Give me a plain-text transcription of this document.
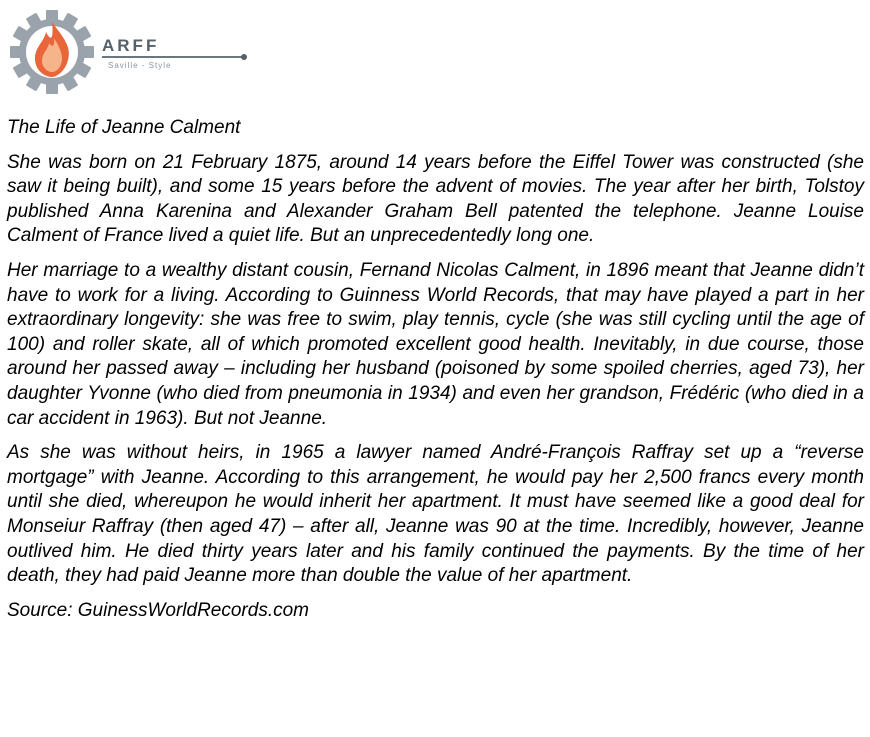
ARFF
Saville - Style

The Life of Jeanne Calment

She was born on 21 February 1875, around 14 years before the Eiffel Tower was constructed (she saw it being built), and some 15 years before the advent of movies. The year after her birth, Tolstoy published Anna Karenina and Alexander Graham Bell patented the telephone. Jeanne Louise Calment of France lived a quiet life. But an unprecedentedly long one.

Her marriage to a wealthy distant cousin, Fernand Nicolas Calment, in 1896 meant that Jeanne didn’t have to work for a living. According to Guinness World Records, that may have played a part in her extraordinary longevity: she was free to swim, play tennis, cycle (she was still cycling until the age of 100) and roller skate, all of which promoted excellent good health. Inevitably, in due course, those around her passed away – including her husband (poisoned by some spoiled cherries, aged 73), her daughter Yvonne (who died from pneumonia in 1934) and even her grandson, Frédéric (who died in a car accident in 1963). But not Jeanne.

As she was without heirs, in 1965 a lawyer named André-François Raffray set up a “reverse mortgage” with Jeanne. According to this arrangement, he would pay her 2,500 francs every month until she died, whereupon he would inherit her apartment. It must have seemed like a good deal for Monseiur Raffray (then aged 47) – after all, Jeanne was 90 at the time. Incredibly, however, Jeanne outlived him. He died thirty years later and his family continued the payments. By the time of her death, they had paid Jeanne more than double the value of her apartment.

Source: GuinessWorldRecords.com
